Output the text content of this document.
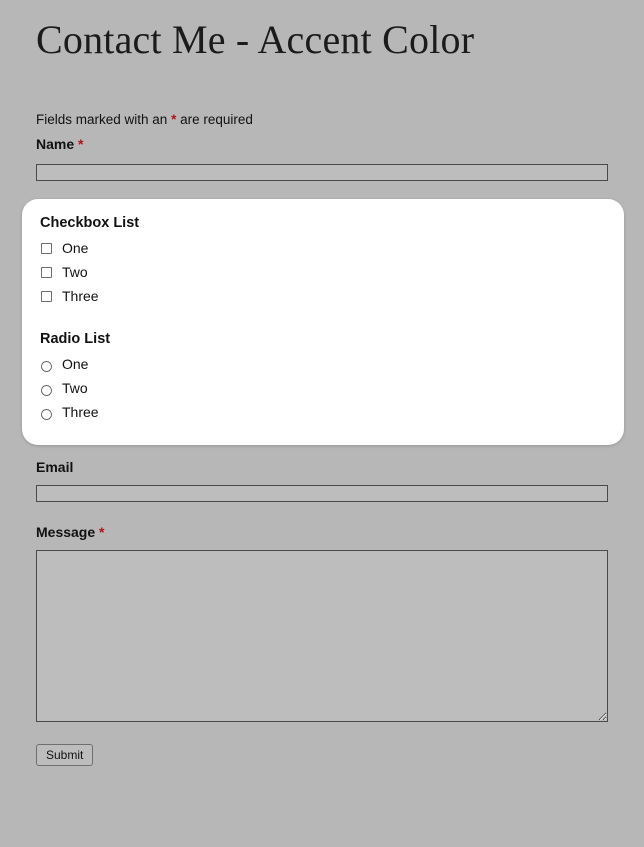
Contact Me - Accent Color

Fields marked with an * are required

Name *
Checkbox List
One
Two
Three
Radio List
One
Two
Three
Email
Message *
Submit
